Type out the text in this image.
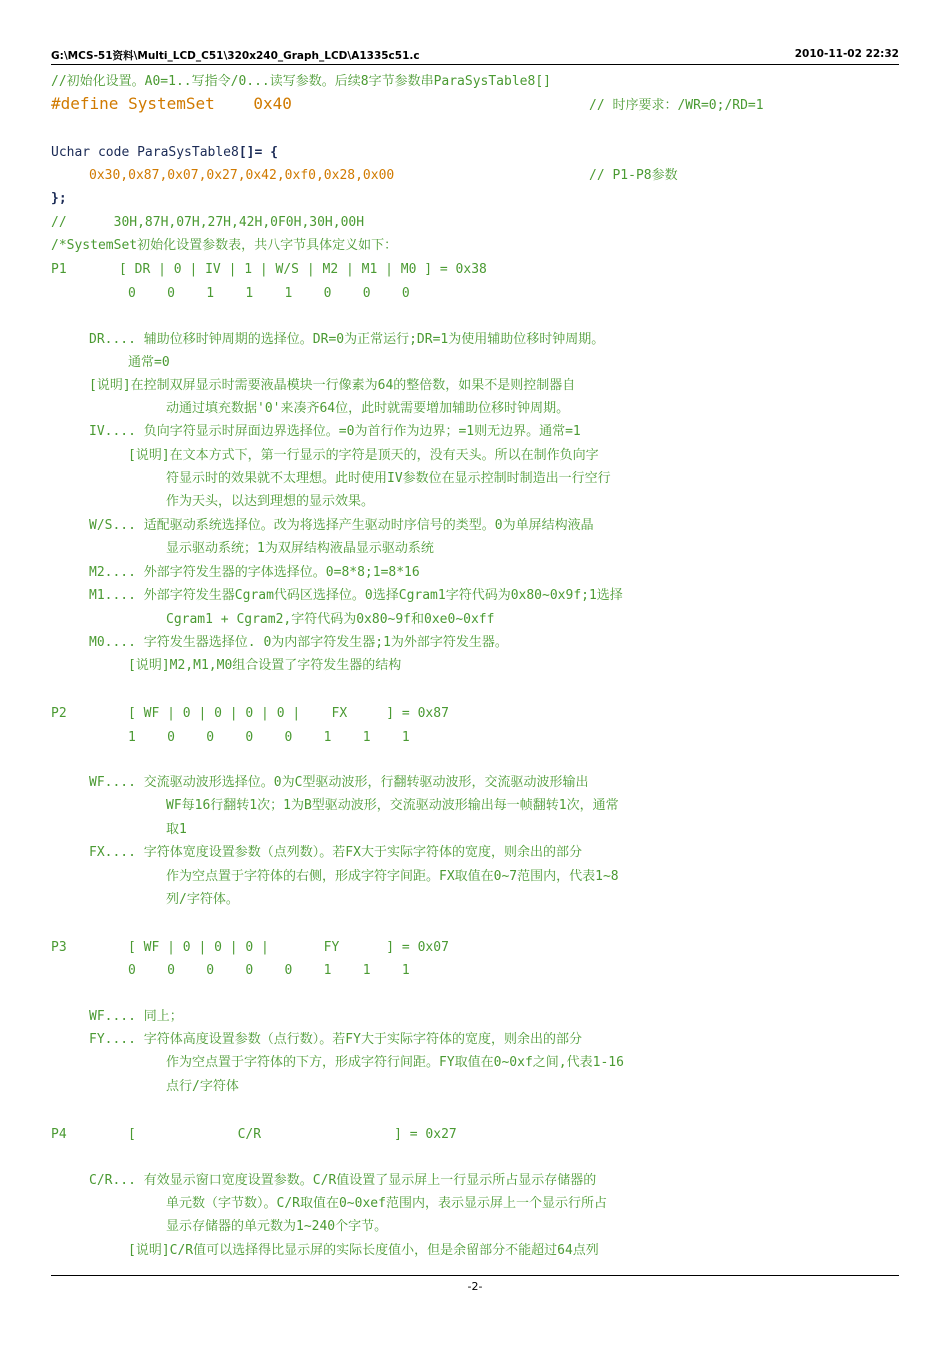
G:\MCS-51资料\Multi_LCD_C51\320x240_Graph_LCD\A1335c51.c	2010-11-02 22:32
//初始化设置。A0=1..写指令/0...读写参数。后续8字节参数串ParaSysTable8[]
#define SystemSet 0x40	// 时序要求：/WR=0;/RD=1
Uchar code ParaSysTable8[]= {
0x30,0x87,0x07,0x27,0x42,0xf0,0x28,0x00	// P1-P8参数
};
//      30H,87H,07H,27H,42H,0F0H,30H,00H
/*SystemSet初始化设置参数表，共八字节具体定义如下：
P1	[ DR | 0 | IV | 1 | W/S | M2 | M1 | M0 ] = 0x38
0    0    1    1    1    0    0    0
DR.... 辅助位移时钟周期的选择位。DR=0为正常运行;DR=1为使用辅助位移时钟周期。
通常=0
[说明]在控制双屏显示时需要液晶模块一行像素为64的整倍数，如果不是则控制器自
动通过填充数据'0'来凑齐64位，此时就需要增加辅助位移时钟周期。
IV.... 负向字符显示时屏面边界选择位。=0为首行作为边界；=1则无边界。通常=1
[说明]在文本方式下，第一行显示的字符是顶天的，没有天头。所以在制作负向字
符显示时的效果就不太理想。此时使用IV参数位在显示控制时制造出一行空行
作为天头，以达到理想的显示效果。
W/S... 适配驱动系统选择位。改为将选择产生驱动时序信号的类型。0为单屏结构液晶
显示驱动系统；1为双屏结构液晶显示驱动系统
M2.... 外部字符发生器的字体选择位。0=8*8;1=8*16
M1.... 外部字符发生器Cgram代码区选择位。0选择Cgram1字符代码为0x80~0x9f;1选择
Cgram1 + Cgram2,字符代码为0x80~9f和0xe0~0xff
M0.... 字符发生器选择位. 0为内部字符发生器;1为外部字符发生器。
[说明]M2,M1,M0组合设置了字符发生器的结构
P2	[ WF | 0 | 0 | 0 | 0 |    FX     ] = 0x87
1    0    0    0    0    1    1    1
WF.... 交流驱动波形选择位。0为C型驱动波形，行翻转驱动波形，交流驱动波形输出
WF每16行翻转1次；1为B型驱动波形，交流驱动波形输出每一帧翻转1次，通常
取1
FX.... 字符体宽度设置参数（点列数）。若FX大于实际字符体的宽度，则余出的部分
作为空点置于字符体的右侧，形成字符字间距。FX取值在0~7范围内，代表1~8
列/字符体。
P3	[ WF | 0 | 0 | 0 |       FY      ] = 0x07
0    0    0    0    0    1    1    1
WF.... 同上；
FY.... 字符体高度设置参数（点行数）。若FY大于实际字符体的宽度，则余出的部分
作为空点置于字符体的下方，形成字符行间距。FY取值在0~0xf之间,代表1-16
点行/字符体
P4	[             C/R                 ] = 0x27
C/R... 有效显示窗口宽度设置参数。C/R值设置了显示屏上一行显示所占显示存储器的
单元数（字节数）。C/R取值在0~0xef范围内，表示显示屏上一个显示行所占
显示存储器的单元数为1~240个字节。
[说明]C/R值可以选择得比显示屏的实际长度值小，但是余留部分不能超过64点列
-2-
